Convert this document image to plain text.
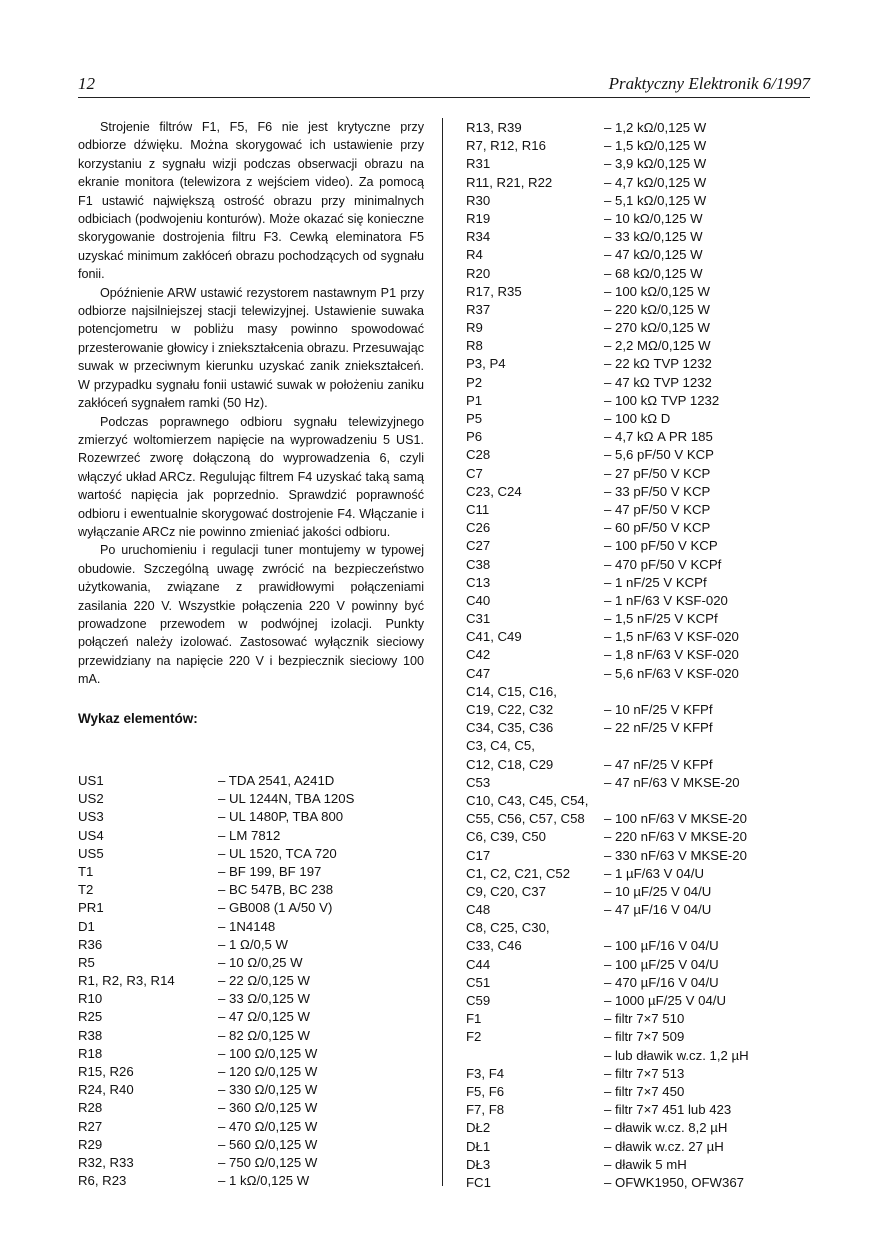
12	Praktyczny Elektronik 6/1997

Strojenie filtrów F1, F5, F6 nie jest krytyczne przy odbiorze dźwięku. Można skorygować ich ustawienie przy korzystaniu z sygnału wizji podczas obserwacji obrazu na ekranie monitora (telewizora z wejściem video). Za pomocą F1 ustawić największą ostrość obrazu przy minimalnych odbiciach (podwojeniu konturów). Może okazać się konieczne skorygowanie dostrojenia filtru F3. Cewką eleminatora F5 uzyskać minimum zakłóceń obrazu pochodzących od sygnału fonii.

Opóźnienie ARW ustawić rezystorem nastawnym P1 przy odbiorze najsilniejszej stacji telewizyjnej. Ustawienie suwaka potencjometru w pobliżu masy powinno spowodować przesterowanie głowicy i zniekształcenia obrazu. Przesuwając suwak w przeciwnym kierunku uzyskać zanik zniekształceń. W przypadku sygnału fonii ustawić suwak w położeniu zaniku zakłóceń sygnałem ramki (50 Hz).

Podczas poprawnego odbioru sygnału telewizyjnego zmierzyć woltomierzem napięcie na wyprowadzeniu 5 US1. Rozewrzeć zworę dołączoną do wyprowadzenia 6, czyli włączyć układ ARCz. Regulując filtrem F4 uzyskać taką samą wartość napięcia jak poprzednio. Sprawdzić poprawność odbioru i ewentualnie skorygować dostrojenie F4. Włączanie i wyłączanie ARCz nie powinno zmieniać jakości odbioru.

Po uruchomieniu i regulacji tuner montujemy w typowej obudowie. Szczególną uwagę zwrócić na bezpieczeństwo użytkowania, związane z prawidłowymi połączeniami zasilania 220 V. Wszystkie połączenia 220 V powinny być prowadzone przewodem w podwójnej izolacji. Punkty połączeń należy izolować. Zastosować wyłącznik sieciowy przewidziany na napięcie 220 V i bezpiecznik sieciowy 100 mA.

Wykaz elementów:
US1	– TDA 2541, A241D
US2	– UL 1244N, TBA 120S
US3	– UL 1480P, TBA 800
US4	– LM 7812
US5	– UL 1520, TCA 720
T1	– BF 199, BF 197
T2	– BC 547B, BC 238
PR1	– GB008 (1 A/50 V)
D1	– 1N4148
R36	– 1 Ω/0,5 W
R5	– 10 Ω/0,25 W
R1, R2, R3, R14	– 22 Ω/0,125 W
R10	– 33 Ω/0,125 W
R25	– 47 Ω/0,125 W
R38	– 82 Ω/0,125 W
R18	– 100 Ω/0,125 W
R15, R26	– 120 Ω/0,125 W
R24, R40	– 330 Ω/0,125 W
R28	– 360 Ω/0,125 W
R27	– 470 Ω/0,125 W
R29	– 560 Ω/0,125 W
R32, R33	– 750 Ω/0,125 W
R6, R23	– 1 kΩ/0,125 W
R13, R39	– 1,2 kΩ/0,125 W
R7, R12, R16	– 1,5 kΩ/0,125 W
R31	– 3,9 kΩ/0,125 W
R11, R21, R22	– 4,7 kΩ/0,125 W
R30	– 5,1 kΩ/0,125 W
R19	– 10 kΩ/0,125 W
R34	– 33 kΩ/0,125 W
R4	– 47 kΩ/0,125 W
R20	– 68 kΩ/0,125 W
R17, R35	– 100 kΩ/0,125 W
R37	– 220 kΩ/0,125 W
R9	– 270 kΩ/0,125 W
R8	– 2,2 MΩ/0,125 W
P3, P4	– 22 kΩ TVP 1232
P2	– 47 kΩ TVP 1232
P1	– 100 kΩ TVP 1232
P5	– 100 kΩ D
P6	– 4,7 kΩ A PR 185
C28	– 5,6 pF/50 V KCP
C7	– 27 pF/50 V KCP
C23, C24	– 33 pF/50 V KCP
C11	– 47 pF/50 V KCP
C26	– 60 pF/50 V KCP
C27	– 100 pF/50 V KCP
C38	– 470 pF/50 V KCPf
C13	– 1 nF/25 V KCPf
C40	– 1 nF/63 V KSF-020
C31	– 1,5 nF/25 V KCPf
C41, C49	– 1,5 nF/63 V KSF-020
C42	– 1,8 nF/63 V KSF-020
C47	– 5,6 nF/63 V KSF-020
C14, C15, C16,
C19, C22, C32	– 10 nF/25 V KFPf
C34, C35, C36	– 22 nF/25 V KFPf
C3, C4, C5,
C12, C18, C29	– 47 nF/25 V KFPf
C53	– 47 nF/63 V MKSE-20
C10, C43, C45, C54,
C55, C56, C57, C58 – 100 nF/63 V MKSE-20
C6, C39, C50	– 220 nF/63 V MKSE-20
C17	– 330 nF/63 V MKSE-20
C1, C2, C21, C52	– 1 µF/63 V 04/U
C9, C20, C37	– 10 µF/25 V 04/U
C48	– 47 µF/16 V 04/U
C8, C25, C30,
C33, C46	– 100 µF/16 V 04/U
C44	– 100 µF/25 V 04/U
C51	– 470 µF/16 V 04/U
C59	– 1000 µF/25 V 04/U
F1	– filtr 7×7 510
F2	– filtr 7×7 509
– lub dławik w.cz. 1,2 µH
F3, F4	– filtr 7×7 513
F5, F6	– filtr 7×7 450
F7, F8	– filtr 7×7 451 lub 423
DŁ2	– dławik w.cz. 8,2 µH
DŁ1	– dławik w.cz. 27 µH
DŁ3	– dławik 5 mH
FC1	– OFWK1950, OFW367
